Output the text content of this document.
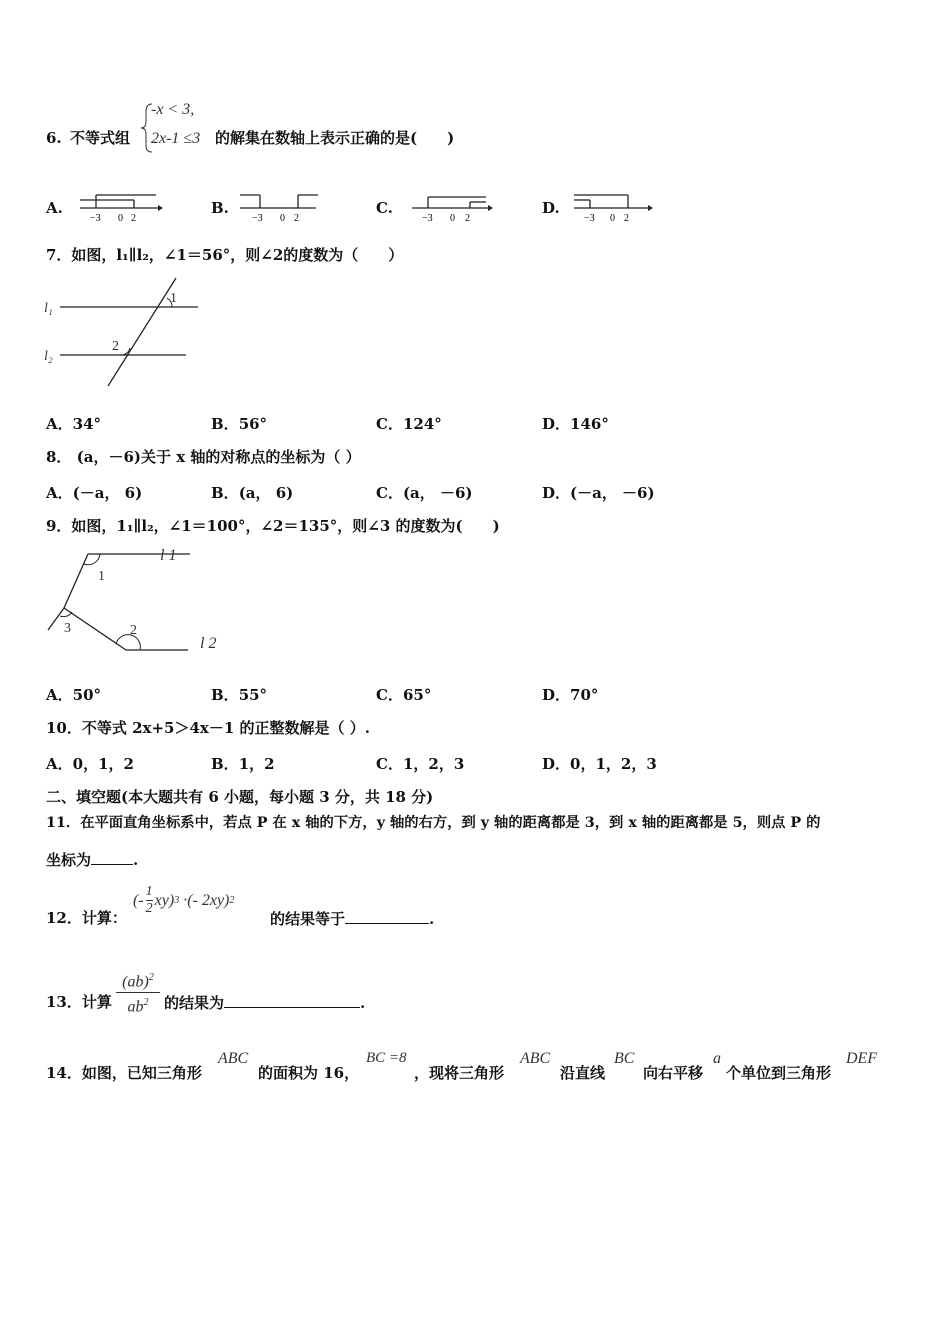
6. 不等式组
-x < 3,
2x-1 ≤3 的解集在数轴上表示正确的是(　　)
A.
−3 0 2
B.
−3 0 2
C.
−3 0 2
D.
−3 0 2
7．如图，l₁∥l₂，∠1＝56°，则∠2的度数为（　　）
l₁
l₂
1
2
A．34°	B．56°	C．124°	D．146°
8． (a，－6)关于 x 轴的对称点的坐标为（ ）
A．(－a， 6)	B．(a， 6)	C．(a， －6)	D．(－a， －6)
9．如图，1₁∥l₂，∠1＝100°，∠2＝135°，则∠3 的度数为(　　)
l 1
l 2
1
2
3
A．50°	B．55°	C．65°	D．70°
10．不等式 2x+5＞4x－1 的正整数解是（ ）.
A．0，1，2	B．1，2	C．1，2，3	D．0，1，2，3
二、填空题(本大题共有 6 小题，每小题 3 分，共 18 分)
11．在平面直角坐标系中，若点 P 在 x 轴的下方，y 轴的右方，到 y 轴的距离都是 3，到 x 轴的距离都是 5，则点 P 的
坐标为	.
12．计算：
(- $\frac{1}{2} xy$) 3 ·(- 2xy) 2
的结果等于	.
13．计算 $\frac{(ab)^2}{ab^2}$ 的结果为	.
14．如图，已知三角形
ABC
的面积为 16，
BC =8
，现将三角形
ABC
沿直线
BC
向右平移
a
个单位到三角形
DEF
